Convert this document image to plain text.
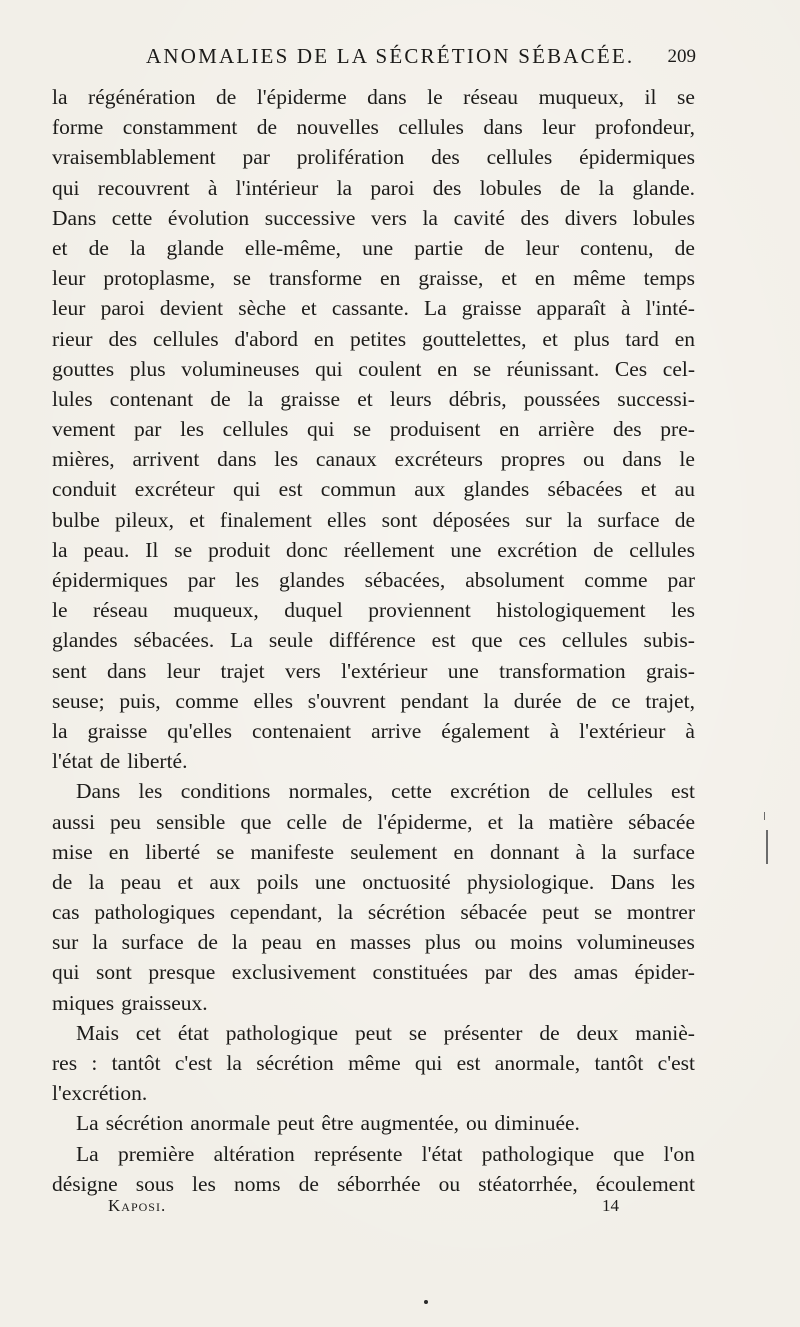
ANOMALIES DE LA SÉCRÉTION SÉBACÉE. 209
la régénération de l'épiderme dans le réseau muqueux, il se
forme constamment de nouvelles cellules dans leur profondeur,
vraisemblablement par prolifération des cellules épidermiques
qui recouvrent à l'intérieur la paroi des lobules de la glande.
Dans cette évolution successive vers la cavité des divers lobules
et de la glande elle-même, une partie de leur contenu, de
leur protoplasme, se transforme en graisse, et en même temps
leur paroi devient sèche et cassante. La graisse apparaît à l'inté-
rieur des cellules d'abord en petites gouttelettes, et plus tard en
gouttes plus volumineuses qui coulent en se réunissant. Ces cel-
lules contenant de la graisse et leurs débris, poussées successi-
vement par les cellules qui se produisent en arrière des pre-
mières, arrivent dans les canaux excréteurs propres ou dans le
conduit excréteur qui est commun aux glandes sébacées et au
bulbe pileux, et finalement elles sont déposées sur la surface de
la peau. Il se produit donc réellement une excrétion de cellules
épidermiques par les glandes sébacées, absolument comme par
le réseau muqueux, duquel proviennent histologiquement les
glandes sébacées. La seule différence est que ces cellules subis-
sent dans leur trajet vers l'extérieur une transformation grais-
seuse; puis, comme elles s'ouvrent pendant la durée de ce trajet,
la graisse qu'elles contenaient arrive également à l'extérieur à
l'état de liberté.
Dans les conditions normales, cette excrétion de cellules est
aussi peu sensible que celle de l'épiderme, et la matière sébacée
mise en liberté se manifeste seulement en donnant à la surface
de la peau et aux poils une onctuosité physiologique. Dans les
cas pathologiques cependant, la sécrétion sébacée peut se montrer
sur la surface de la peau en masses plus ou moins volumineuses
qui sont presque exclusivement constituées par des amas épider-
miques graisseux.
Mais cet état pathologique peut se présenter de deux maniè-
res : tantôt c'est la sécrétion même qui est anormale, tantôt c'est
l'excrétion.
La sécrétion anormale peut être augmentée, ou diminuée.
La première altération représente l'état pathologique que l'on
désigne sous les noms de séborrhée ou stéatorrhée, écoulement
Kaposi.	14
